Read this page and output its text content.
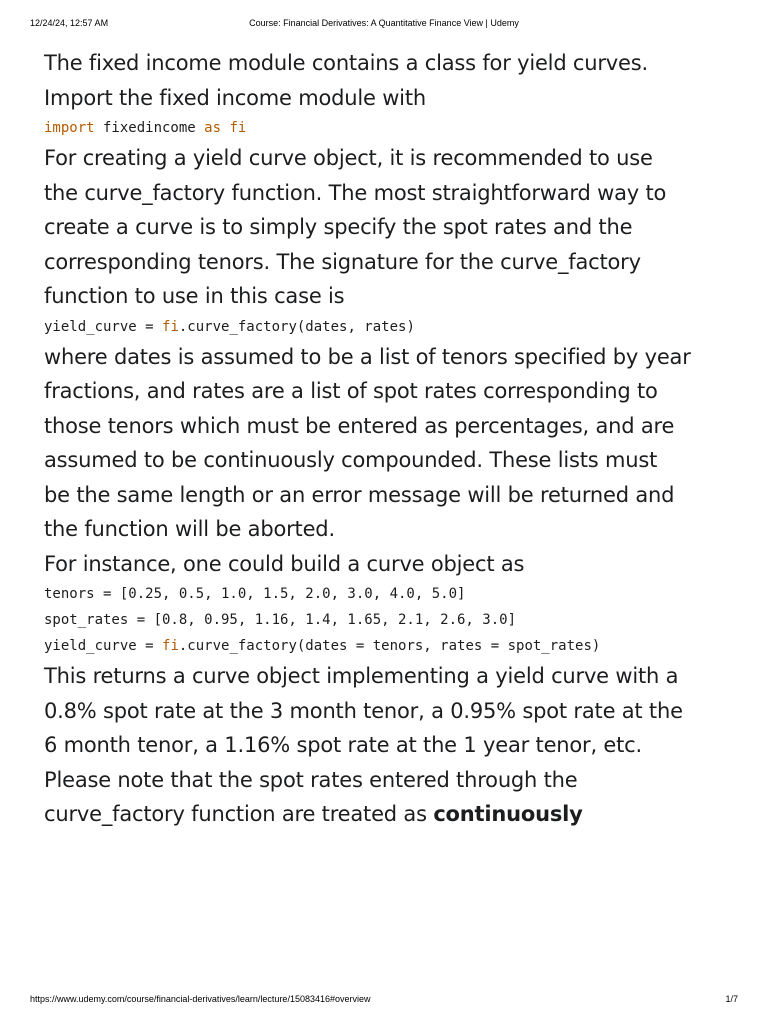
12/24/24, 12:57 AM	Course: Financial Derivatives: A Quantitative Finance View | Udemy

The fixed income module contains a class for yield curves.
Import the fixed income module with

import fixedincome as fi

For creating a yield curve object, it is recommended to use
the curve_factory function. The most straightforward way to
create a curve is to simply specify the spot rates and the
corresponding tenors. The signature for the curve_factory
function to use in this case is

yield_curve = fi.curve_factory(dates, rates)

where dates is assumed to be a list of tenors specified by year
fractions, and rates are a list of spot rates corresponding to
those tenors which must be entered as percentages, and are
assumed to be continuously compounded. These lists must
be the same length or an error message will be returned and
the function will be aborted.

For instance, one could build a curve object as

tenors = [0.25, 0.5, 1.0, 1.5, 2.0, 3.0, 4.0, 5.0]
spot_rates = [0.8, 0.95, 1.16, 1.4, 1.65, 2.1, 2.6, 3.0]
yield_curve = fi.curve_factory(dates = tenors, rates = spot_rates)

This returns a curve object implementing a yield curve with a
0.8% spot rate at the 3 month tenor, a 0.95% spot rate at the
6 month tenor, a 1.16% spot rate at the 1 year tenor, etc.

Please note that the spot rates entered through the
curve_factory function are treated as continuously

https://www.udemy.com/course/financial-derivatives/learn/lecture/15083416#overview	1/7
